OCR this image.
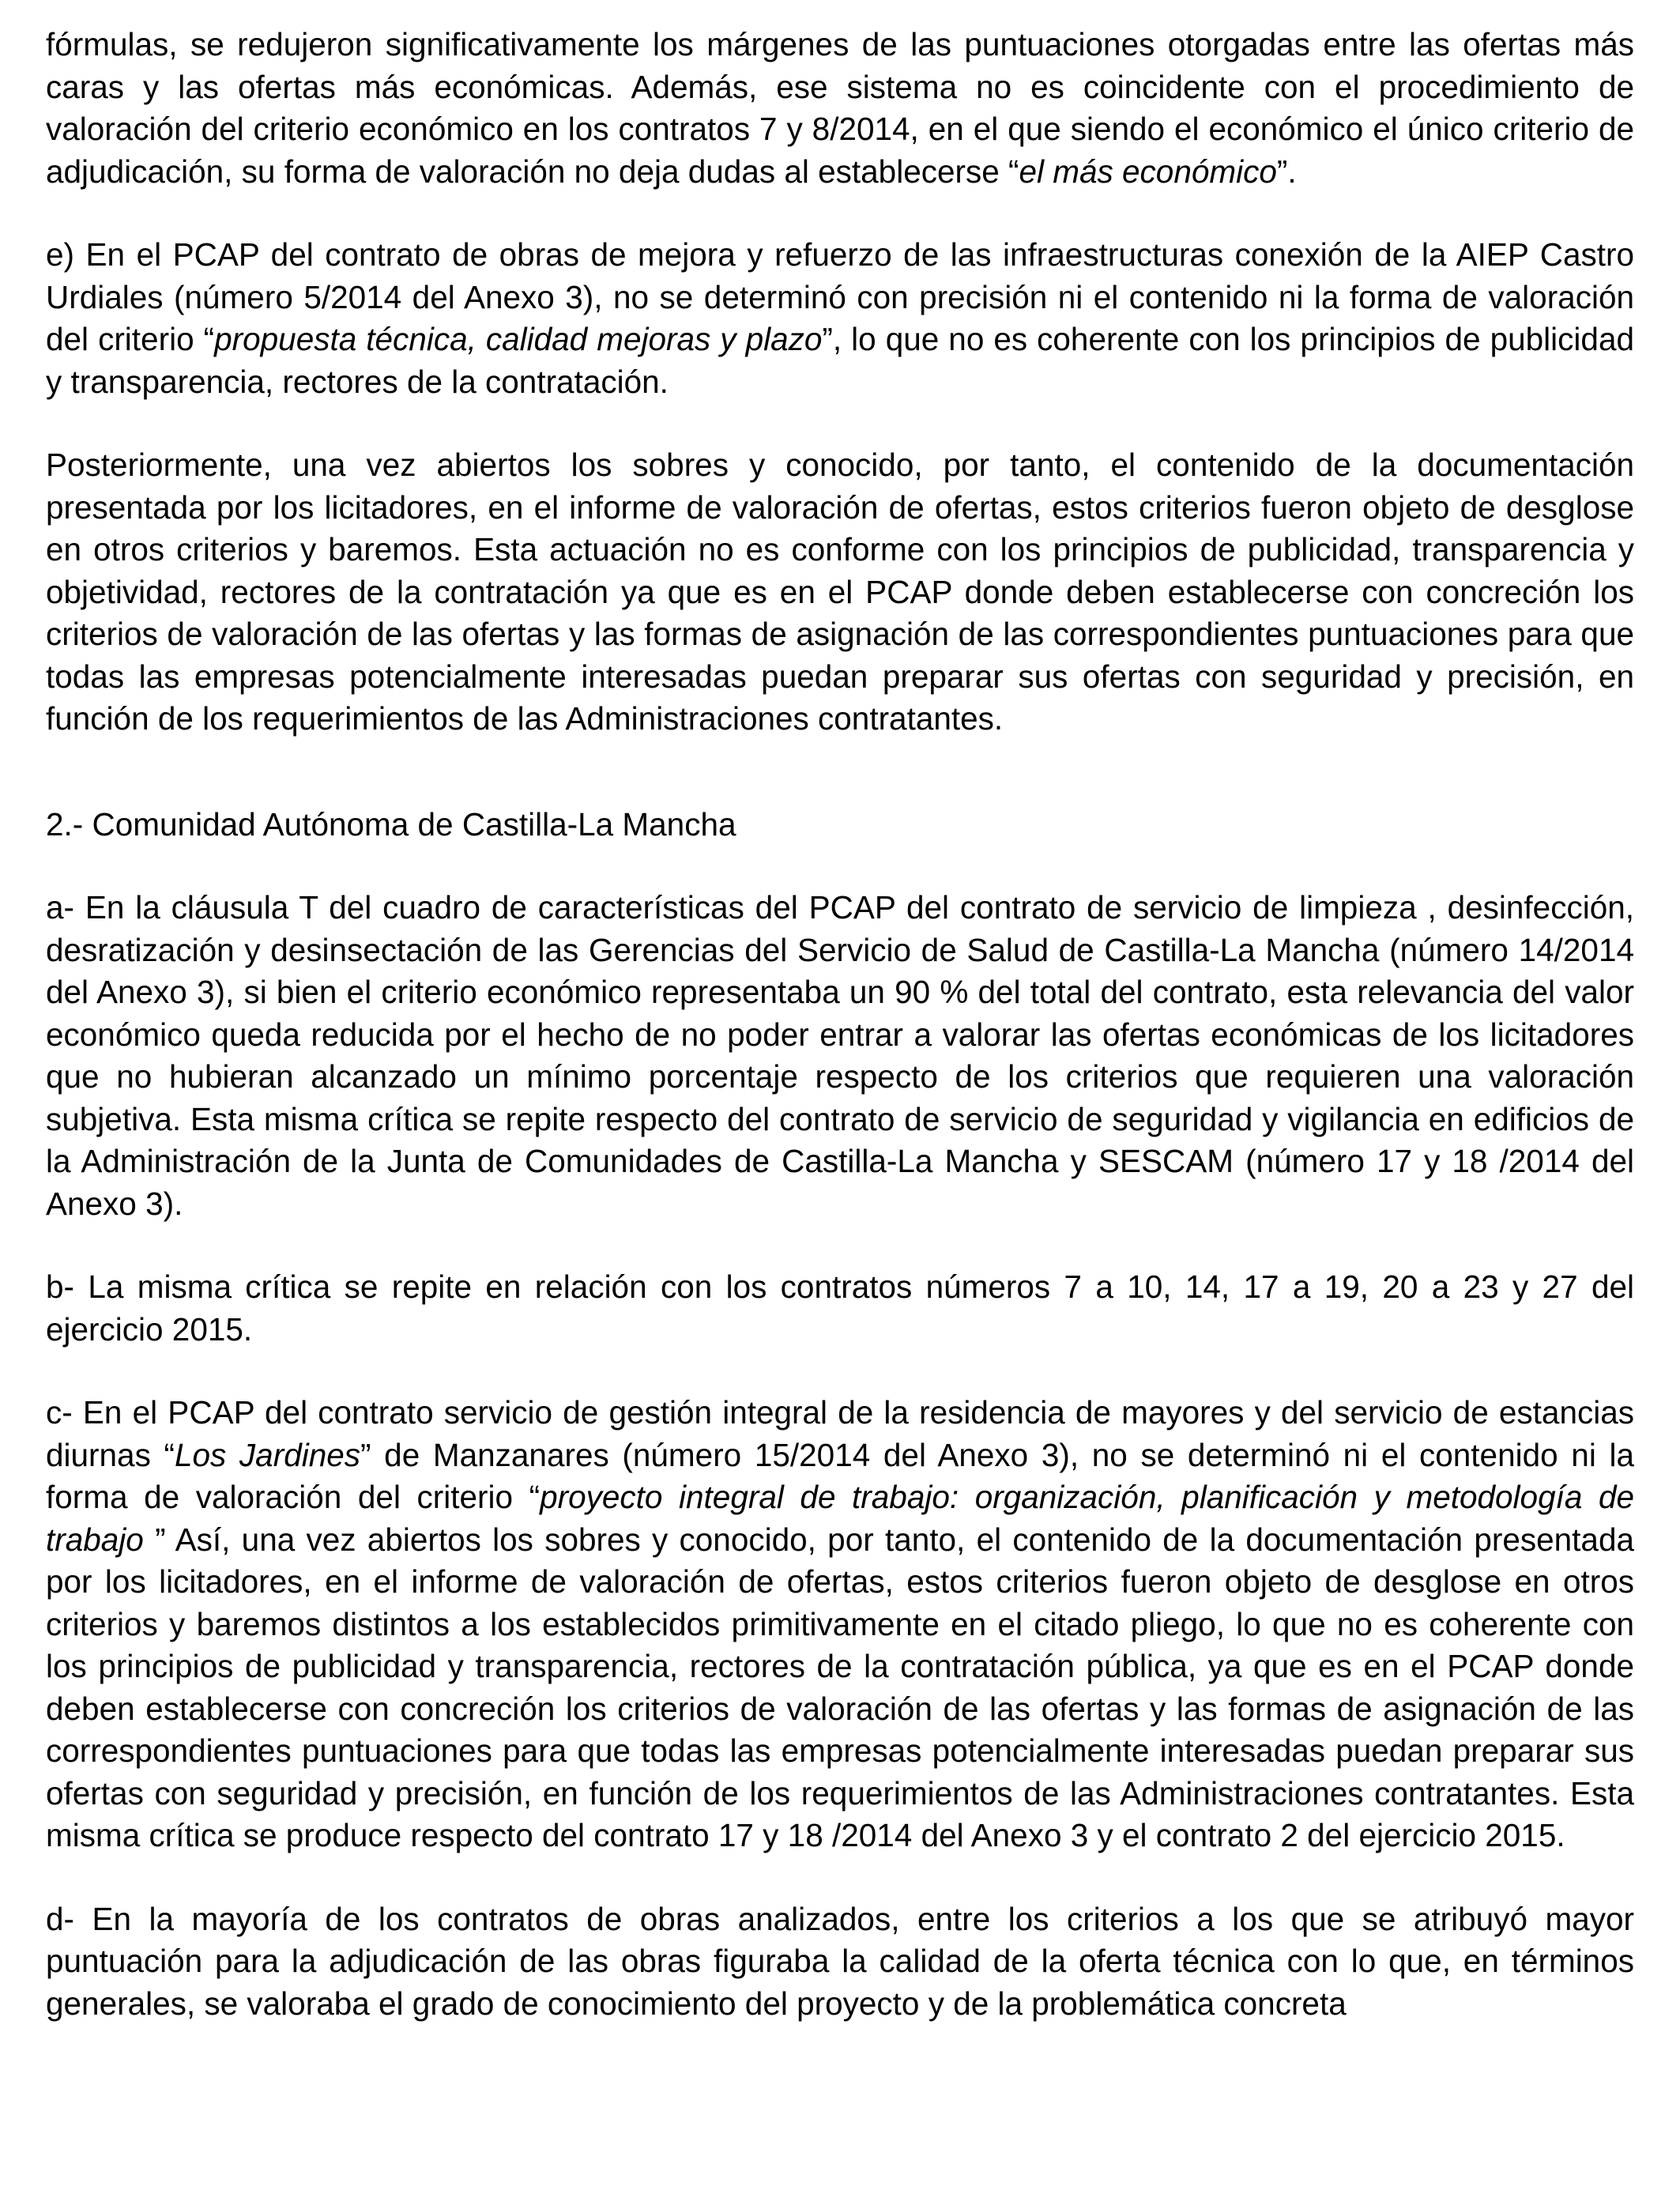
fórmulas, se redujeron significativamente los márgenes de las puntuaciones otorgadas entre las ofertas más caras y las ofertas más económicas. Además, ese sistema no es coincidente con el procedimiento de valoración del criterio económico en los contratos 7 y 8/2014, en el que siendo el económico el único criterio de adjudicación, su forma de valoración no deja dudas al establecerse “el más económico”.

e) En el PCAP del contrato de obras de mejora y refuerzo de las infraestructuras conexión de la AIEP Castro Urdiales (número 5/2014 del Anexo 3), no se determinó con precisión ni el contenido ni la forma de valoración del criterio “propuesta técnica, calidad mejoras y plazo”, lo que no es coherente con los principios de publicidad y transparencia, rectores de la contratación.

Posteriormente, una vez abiertos los sobres y conocido, por tanto, el contenido de la documentación presentada por los licitadores, en el informe de valoración de ofertas, estos criterios fueron objeto de desglose en otros criterios y baremos. Esta actuación no es conforme con los principios de publicidad, transparencia y objetividad, rectores de la contratación ya que es en el PCAP donde deben establecerse con concreción los criterios de valoración de las ofertas y las formas de asignación de las correspondientes puntuaciones para que todas las empresas potencialmente interesadas puedan preparar sus ofertas con seguridad y precisión, en función de los requerimientos de las Administraciones contratantes.

2.- Comunidad Autónoma de Castilla-La Mancha

a- En la cláusula T del cuadro de características del PCAP del contrato de servicio de limpieza , desinfección, desratización y desinsectación de las Gerencias del Servicio de Salud de Castilla-La Mancha (número 14/2014 del Anexo 3), si bien el criterio económico representaba un 90 % del total del contrato, esta relevancia del valor económico queda reducida por el hecho de no poder entrar a valorar las ofertas económicas de los licitadores que no hubieran alcanzado un mínimo porcentaje respecto de los criterios que requieren una valoración subjetiva. Esta misma crítica se repite respecto del contrato de servicio de seguridad y vigilancia en edificios de la Administración de la Junta de Comunidades de Castilla-La Mancha y SESCAM (número 17 y 18 /2014 del Anexo 3).

b- La misma crítica se repite en relación con los contratos números 7 a 10, 14, 17 a 19, 20 a 23 y 27 del ejercicio 2015.

c- En el PCAP del contrato servicio de gestión integral de la residencia de mayores y del servicio de estancias diurnas “Los Jardines” de Manzanares (número 15/2014 del Anexo 3), no se determinó ni el contenido ni la forma de valoración del criterio “proyecto integral de trabajo: organización, planificación y metodología de trabajo ” Así, una vez abiertos los sobres y conocido, por tanto, el contenido de la documentación presentada por los licitadores, en el informe de valoración de ofertas, estos criterios fueron objeto de desglose en otros criterios y baremos distintos a los establecidos primitivamente en el citado pliego, lo que no es coherente con los principios de publicidad y transparencia, rectores de la contratación pública, ya que es en el PCAP donde deben establecerse con concreción los criterios de valoración de las ofertas y las formas de asignación de las correspondientes puntuaciones para que todas las empresas potencialmente interesadas puedan preparar sus ofertas con seguridad y precisión, en función de los requerimientos de las Administraciones contratantes. Esta misma crítica se produce respecto del contrato 17 y 18 /2014 del Anexo 3 y el contrato 2 del ejercicio 2015.

d- En la mayoría de los contratos de obras analizados, entre los criterios a los que se atribuyó mayor puntuación para la adjudicación de las obras figuraba la calidad de la oferta técnica con lo que, en términos generales, se valoraba el grado de conocimiento del proyecto y de la problemática concreta
